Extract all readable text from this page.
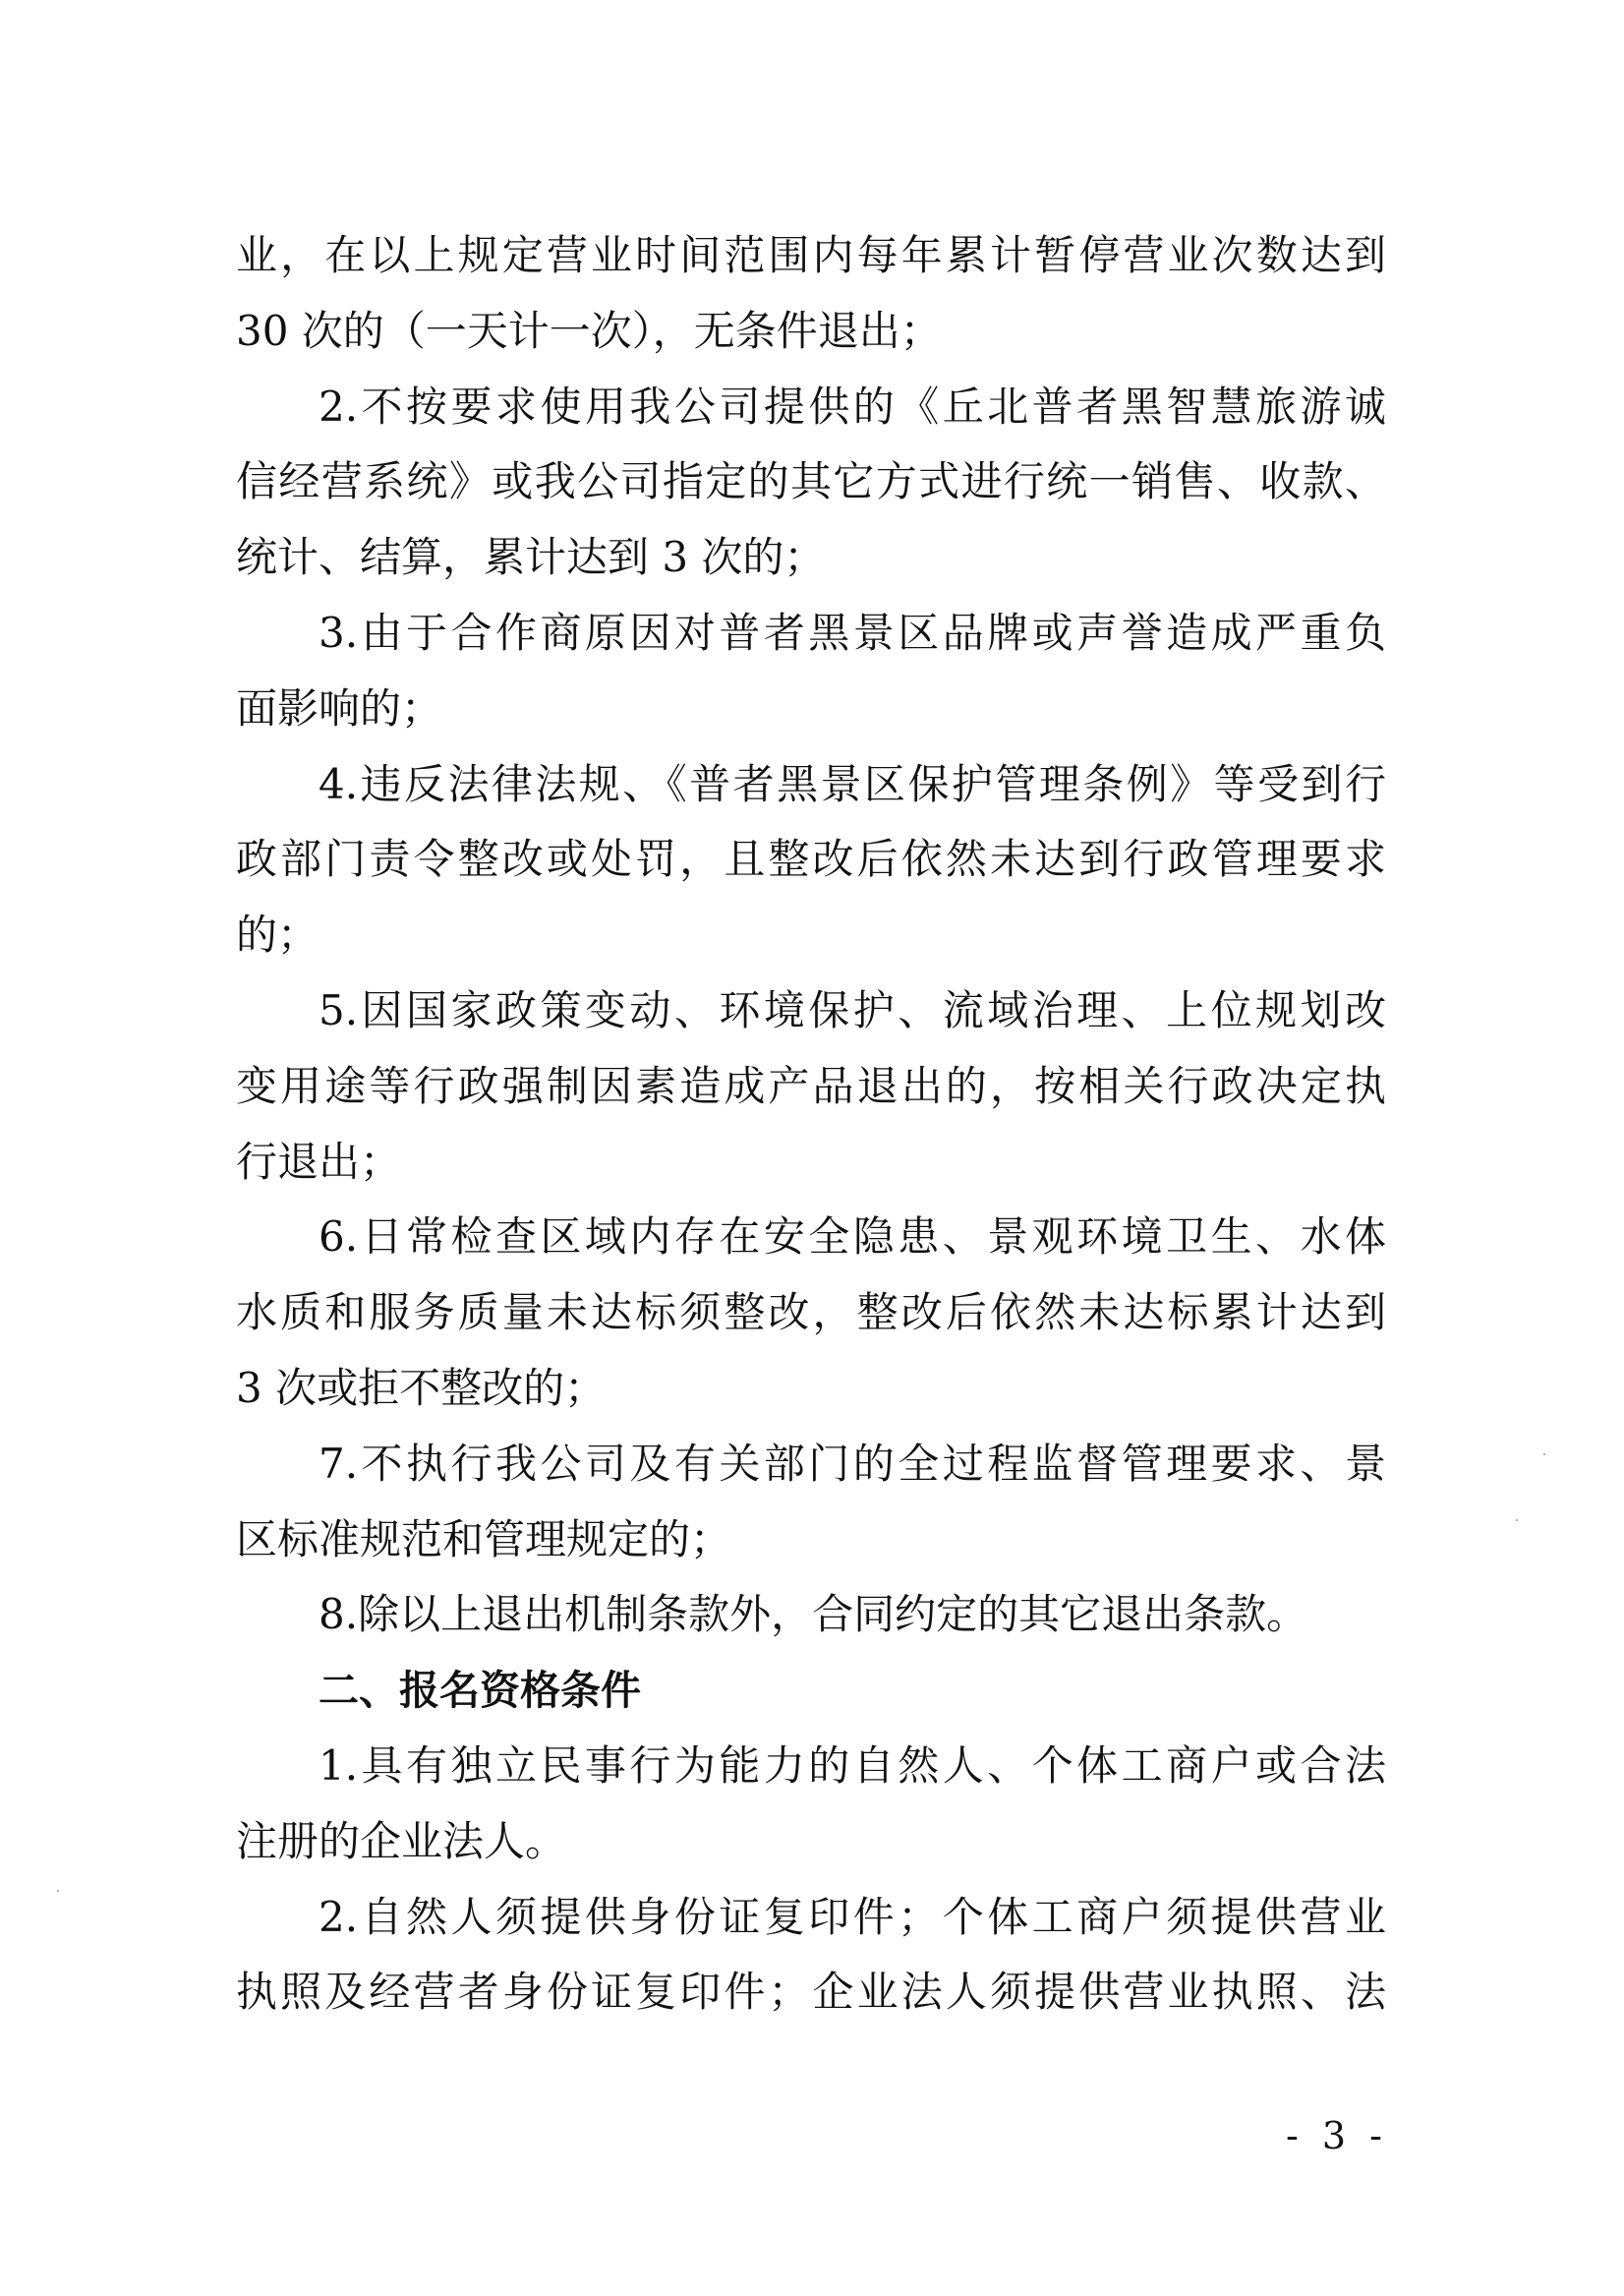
业，在以上规定营业时间范围内每年累计暂停营业次数达到
30 次的（一天计一次），无条件退出；
2.不按要求使用我公司提供的《丘北普者黑智慧旅游诚
信经营系统》或我公司指定的其它方式进行统一销售、收款、
统计、结算，累计达到 3 次的；
3.由于合作商原因对普者黑景区品牌或声誉造成严重负
面影响的；
4.违反法律法规、《普者黑景区保护管理条例》等受到行
政部门责令整改或处罚，且整改后依然未达到行政管理要求
的；
5.因国家政策变动、环境保护、流域治理、上位规划改
变用途等行政强制因素造成产品退出的，按相关行政决定执
行退出；
6.日常检查区域内存在安全隐患、景观环境卫生、水体
水质和服务质量未达标须整改，整改后依然未达标累计达到
3 次或拒不整改的；
7.不执行我公司及有关部门的全过程监督管理要求、景
区标准规范和管理规定的；
8.除以上退出机制条款外，合同约定的其它退出条款。
二、报名资格条件
1.具有独立民事行为能力的自然人、个体工商户或合法
注册的企业法人。
2.自然人须提供身份证复印件；个体工商户须提供营业
执照及经营者身份证复印件；企业法人须提供营业执照、法
- 3 -
